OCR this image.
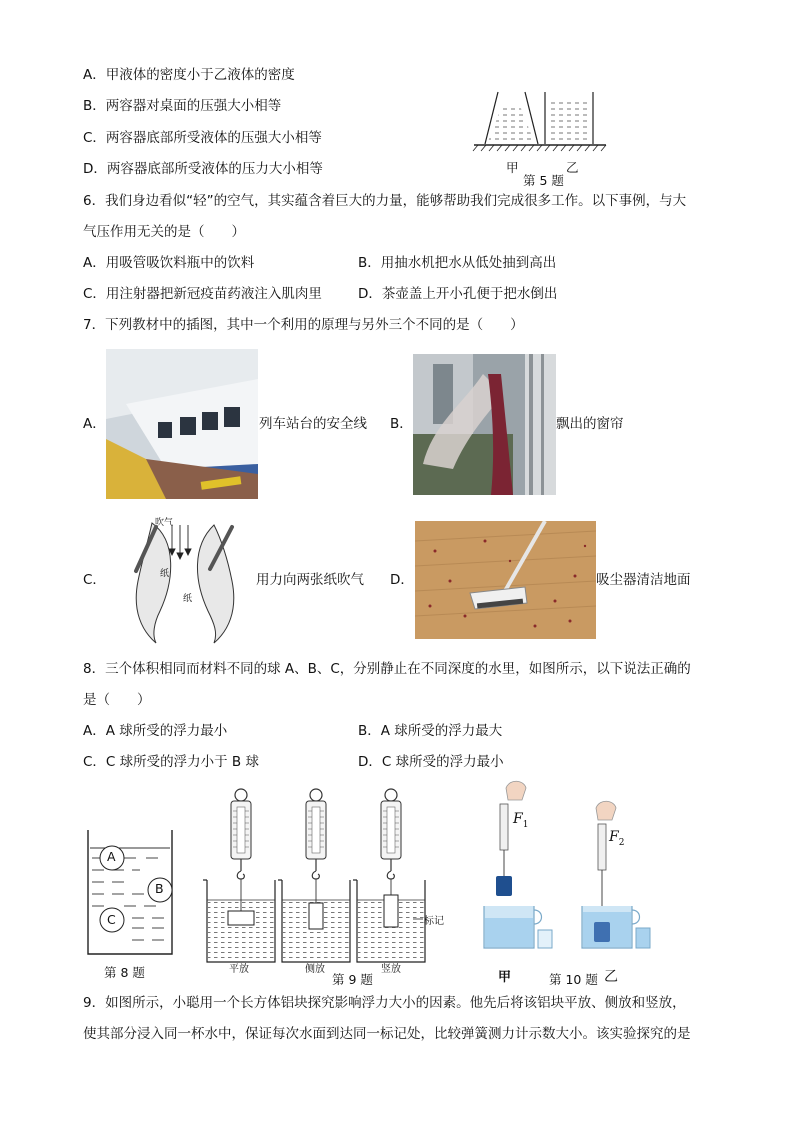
A．甲液体的密度小于乙液体的密度
B．两容器对桌面的压强大小相等
C．两容器底部所受液体的压强大小相等
D．两容器底部所受液体的压力大小相等	甲	乙
第 5 题
6．我们身边看似“轻”的空气，其实蕴含着巨大的力量，能够帮助我们完成很多工作。以下事例，与大
气压作用无关的是（　　）
A．用吸管吸饮料瓶中的饮料	B．用抽水机把水从低处抽到高出
C．用注射器把新冠疫苗药液注入肌肉里	D．茶壶盖上开小孔便于把水倒出
7．下列教材中的插图，其中一个利用的原理与另外三个不同的是（　　）
A．	列车站台的安全线 B．	飘出的窗帘
C．
吹气
纸
纸
用力向两张纸吹气 D．	吸尘器清洁地面
8．三个体积相同而材料不同的球 A、B、C，分别静止在不同深度的水里，如图所示，以下说法正确的
是（　　）
A．A 球所受的浮力最小	B．A 球所受的浮力最大
C．C 球所受的浮力小于 B 球	D．C 球所受的浮力最小
A
B
C
第 8 题	平放	侧放	竖放
标记
第 9 题
$F_1$
$F_2$
甲	第 10 题 乙
9．如图所示，小聪用一个长方体铝块探究影响浮力大小的因素。他先后将该铝块平放、侧放和竖放，
使其部分浸入同一杯水中，保证每次水面到达同一标记处，比较弹簧测力计示数大小。该实验探究的是
